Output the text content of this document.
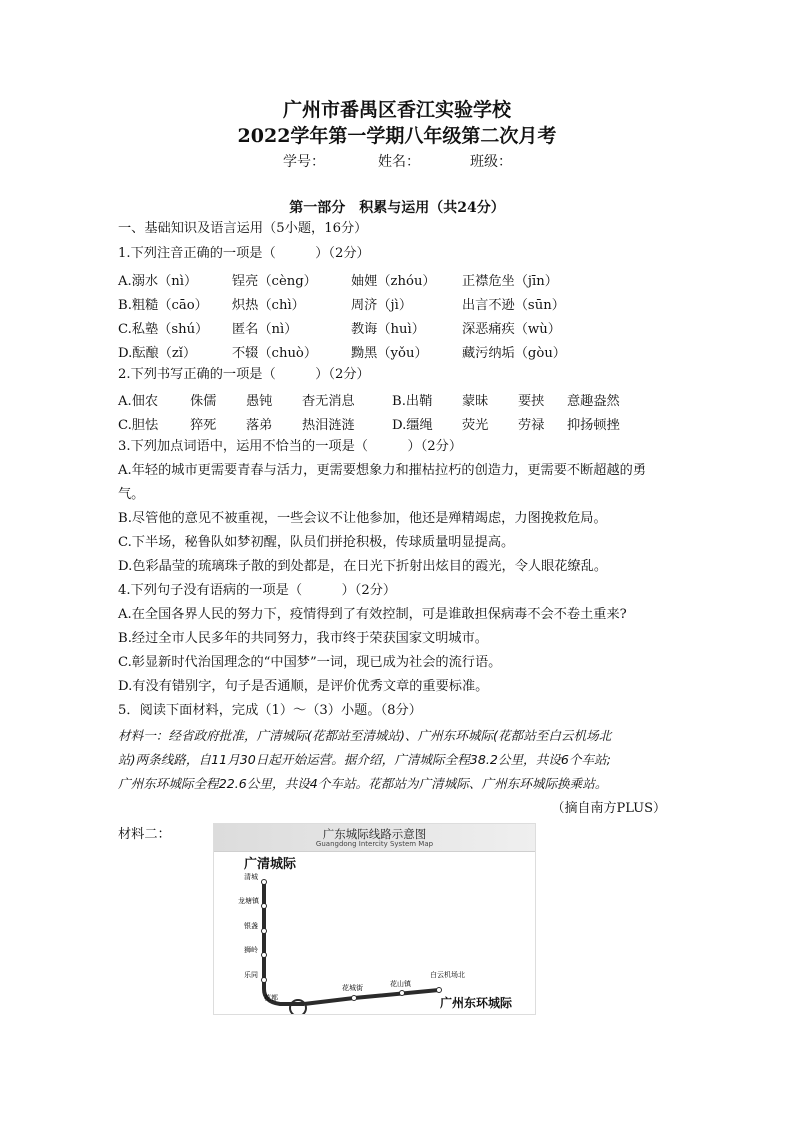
广州市番禺区香江实验学校
2022学年第一学期八年级第二次月考
学号：	姓名：	班级：
第一部分　积累与运用（共24分）
一、基础知识及语言运用（5小题，16分）
1.下列注音正确的一项是（　　　）（2分）
A.溺水（nì）	锃亮（cèng）	妯娌（zhóu） 正襟危坐（jīn）
B.粗糙（cāo） 炽热（chì）	周济（jì）	出言不逊（sūn）
C.私塾（shú） 匿名（nì）	教诲（huì）	深恶痛疾（wù）
D.酝酿（zǐ）	不辍（chuò）	黝黑（yǒu）	藏污纳垢（gòu）
2.下列书写正确的一项是（　　　）（2分）
A.佃农 侏儒 愚钝 杳无消息	B.出鞘 蒙昧 要挟 意趣盎然
C.胆怯 猝死 落弟 热泪涟涟	D.缰绳 荧光 劳禄 抑扬顿挫
3.下列加点词语中，运用不恰当的一项是（　　　）（2分）
A.年轻的城市更需要青春与活力，更需要想象力和摧枯拉朽的创造力，更需要不断超越的勇
气。
B.尽管他的意见不被重视，一些会议不让他参加，他还是殚精竭虑，力图挽救危局。
C.下半场，秘鲁队如梦初醒，队员们拼抢积极，传球质量明显提高。
D.色彩晶莹的琉璃珠子散的到处都是，在日光下折射出炫目的霞光，令人眼花缭乱。
4.下列句子没有语病的一项是（　　　）（2分）
A.在全国各界人民的努力下，疫情得到了有效控制，可是谁敢担保病毒不会不卷土重来?
B.经过全市人民多年的共同努力，我市终于荣获国家文明城市。
C.彰显新时代治国理念的“中国梦”一词，现已成为社会的流行语。
D.有没有错别字，句子是否通顺，是评价优秀文章的重要标准。
5．阅读下面材料，完成（1）～（3）小题。（8分）
材料一：经省政府批准，广清城际(花都站至清城站)、广州东环城际(花都站至白云机场北
站)两条线路，自11月30日起开始运营。据介绍，广清城际全程38.2公里，共设6个车站;
广州东环城际全程22.6公里，共设4个车站。花都站为广清城际、广州东环城际换乘站。
（摘自南方PLUS）
材料二：	广东城际线路示意图
Guangdong Intercity System Map
广清城际
广州东环城际
清城
龙塘镇
银盏
狮岭
乐同
花都
花城街	花山镇
白云机场北
